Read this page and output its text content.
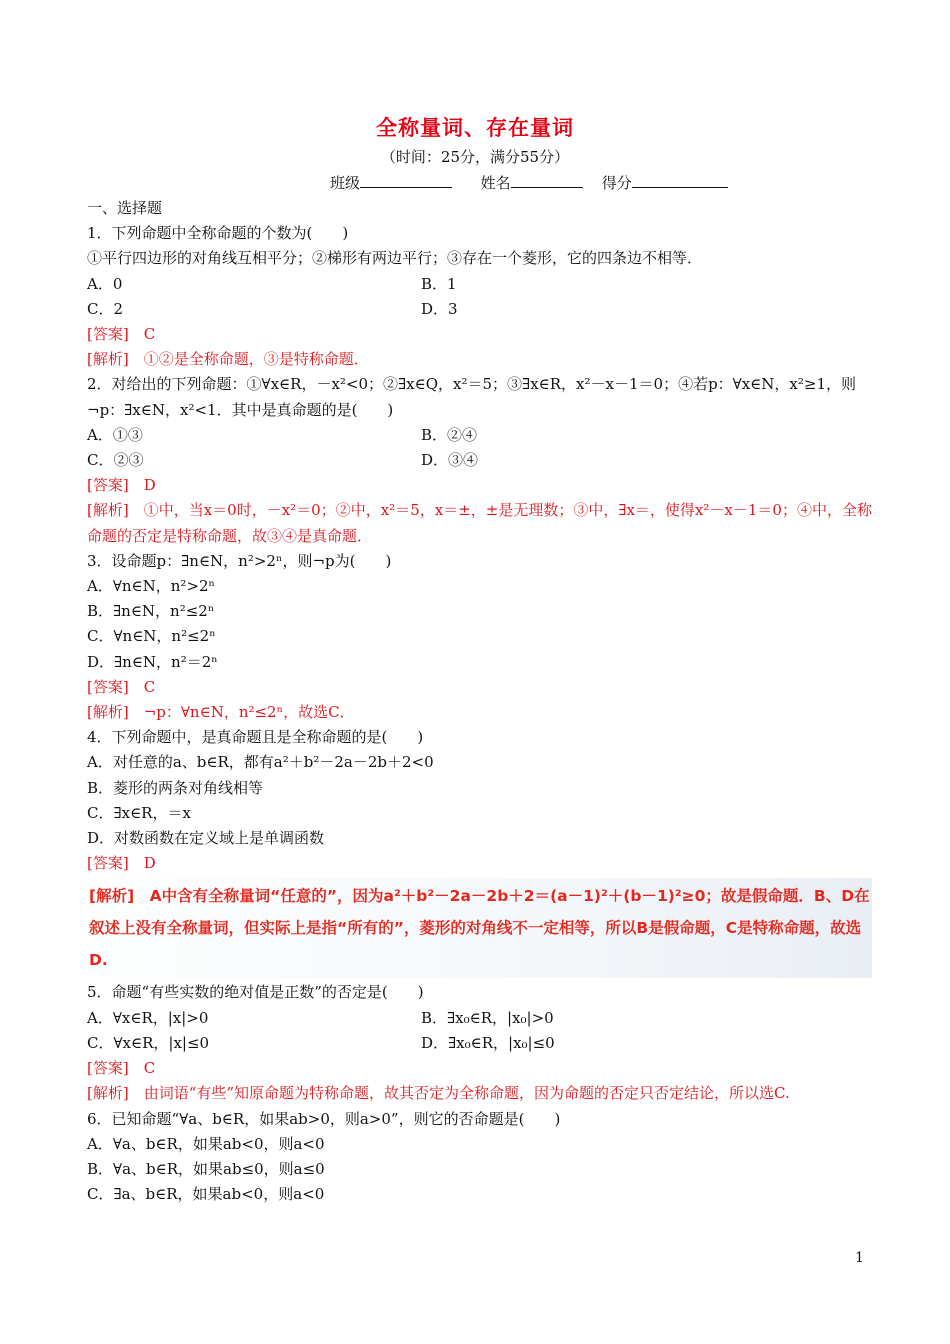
全称量词、存在量词
（时间：25分，满分55分）
班级	姓名	得分
一、选择题
1．下列命题中全称命题的个数为(　　)
①平行四边形的对角线互相平分；②梯形有两边平行；③存在一个菱形，它的四条边不相等．
A．0	B．1
C．2	D．3
[答案]　C
[解析]　①②是全称命题，③是特称命题．
2．对给出的下列命题：①∀x∈R，－x²<0；②∃x∈Q，x²＝5；③∃x∈R，x²－x－1＝0；④若p：∀x∈N，x²≥1，则
¬p：∃x∈N，x²<1．其中是真命题的是(　　)
A．①③	B．②④
C．②③	D．③④
[答案]　D
[解析]　①中，当x＝0时，－x²＝0；②中，x²＝5，x＝±，±是无理数；③中，∃x＝，使得x²－x－1＝0；④中，全称命题的否定是特称命题，故③④是真命题．
3．设命题p：∃n∈N，n²>2ⁿ，则¬p为(　　)
A．∀n∈N，n²>2ⁿ
B．∃n∈N，n²≤2ⁿ
C．∀n∈N，n²≤2ⁿ
D．∃n∈N，n²＝2ⁿ
[答案]　C
[解析]　¬p：∀n∈N，n²≤2ⁿ，故选C．
4．下列命题中，是真命题且是全称命题的是(　　)
A．对任意的a、b∈R，都有a²＋b²－2a－2b＋2<0
B．菱形的两条对角线相等
C．∃x∈R，＝x
D．对数函数在定义域上是单调函数
[答案]　D
[解析]　A中含有全称量词“任意的”，因为a²＋b²－2a－2b＋2＝(a－1)²＋(b－1)²≥0；故是假命题．B、D在叙述上没有全称量词，但实际上是指“所有的”，菱形的对角线不一定相等，所以B是假命题，C是特称命题，故选D.
5．命题“有些实数的绝对值是正数”的否定是(　　)
A．∀x∈R，|x|>0	B．∃x₀∈R，|x₀|>0
C．∀x∈R，|x|≤0	D．∃x₀∈R，|x₀|≤0
[答案]　C
[解析]　由词语“有些”知原命题为特称命题，故其否定为全称命题，因为命题的否定只否定结论，所以选C.
6．已知命题“∀a、b∈R，如果ab>0，则a>0”，则它的否命题是(　　)
A．∀a、b∈R，如果ab<0，则a<0
B．∀a、b∈R，如果ab≤0，则a≤0
C．∃a、b∈R，如果ab<0，则a<0
1
